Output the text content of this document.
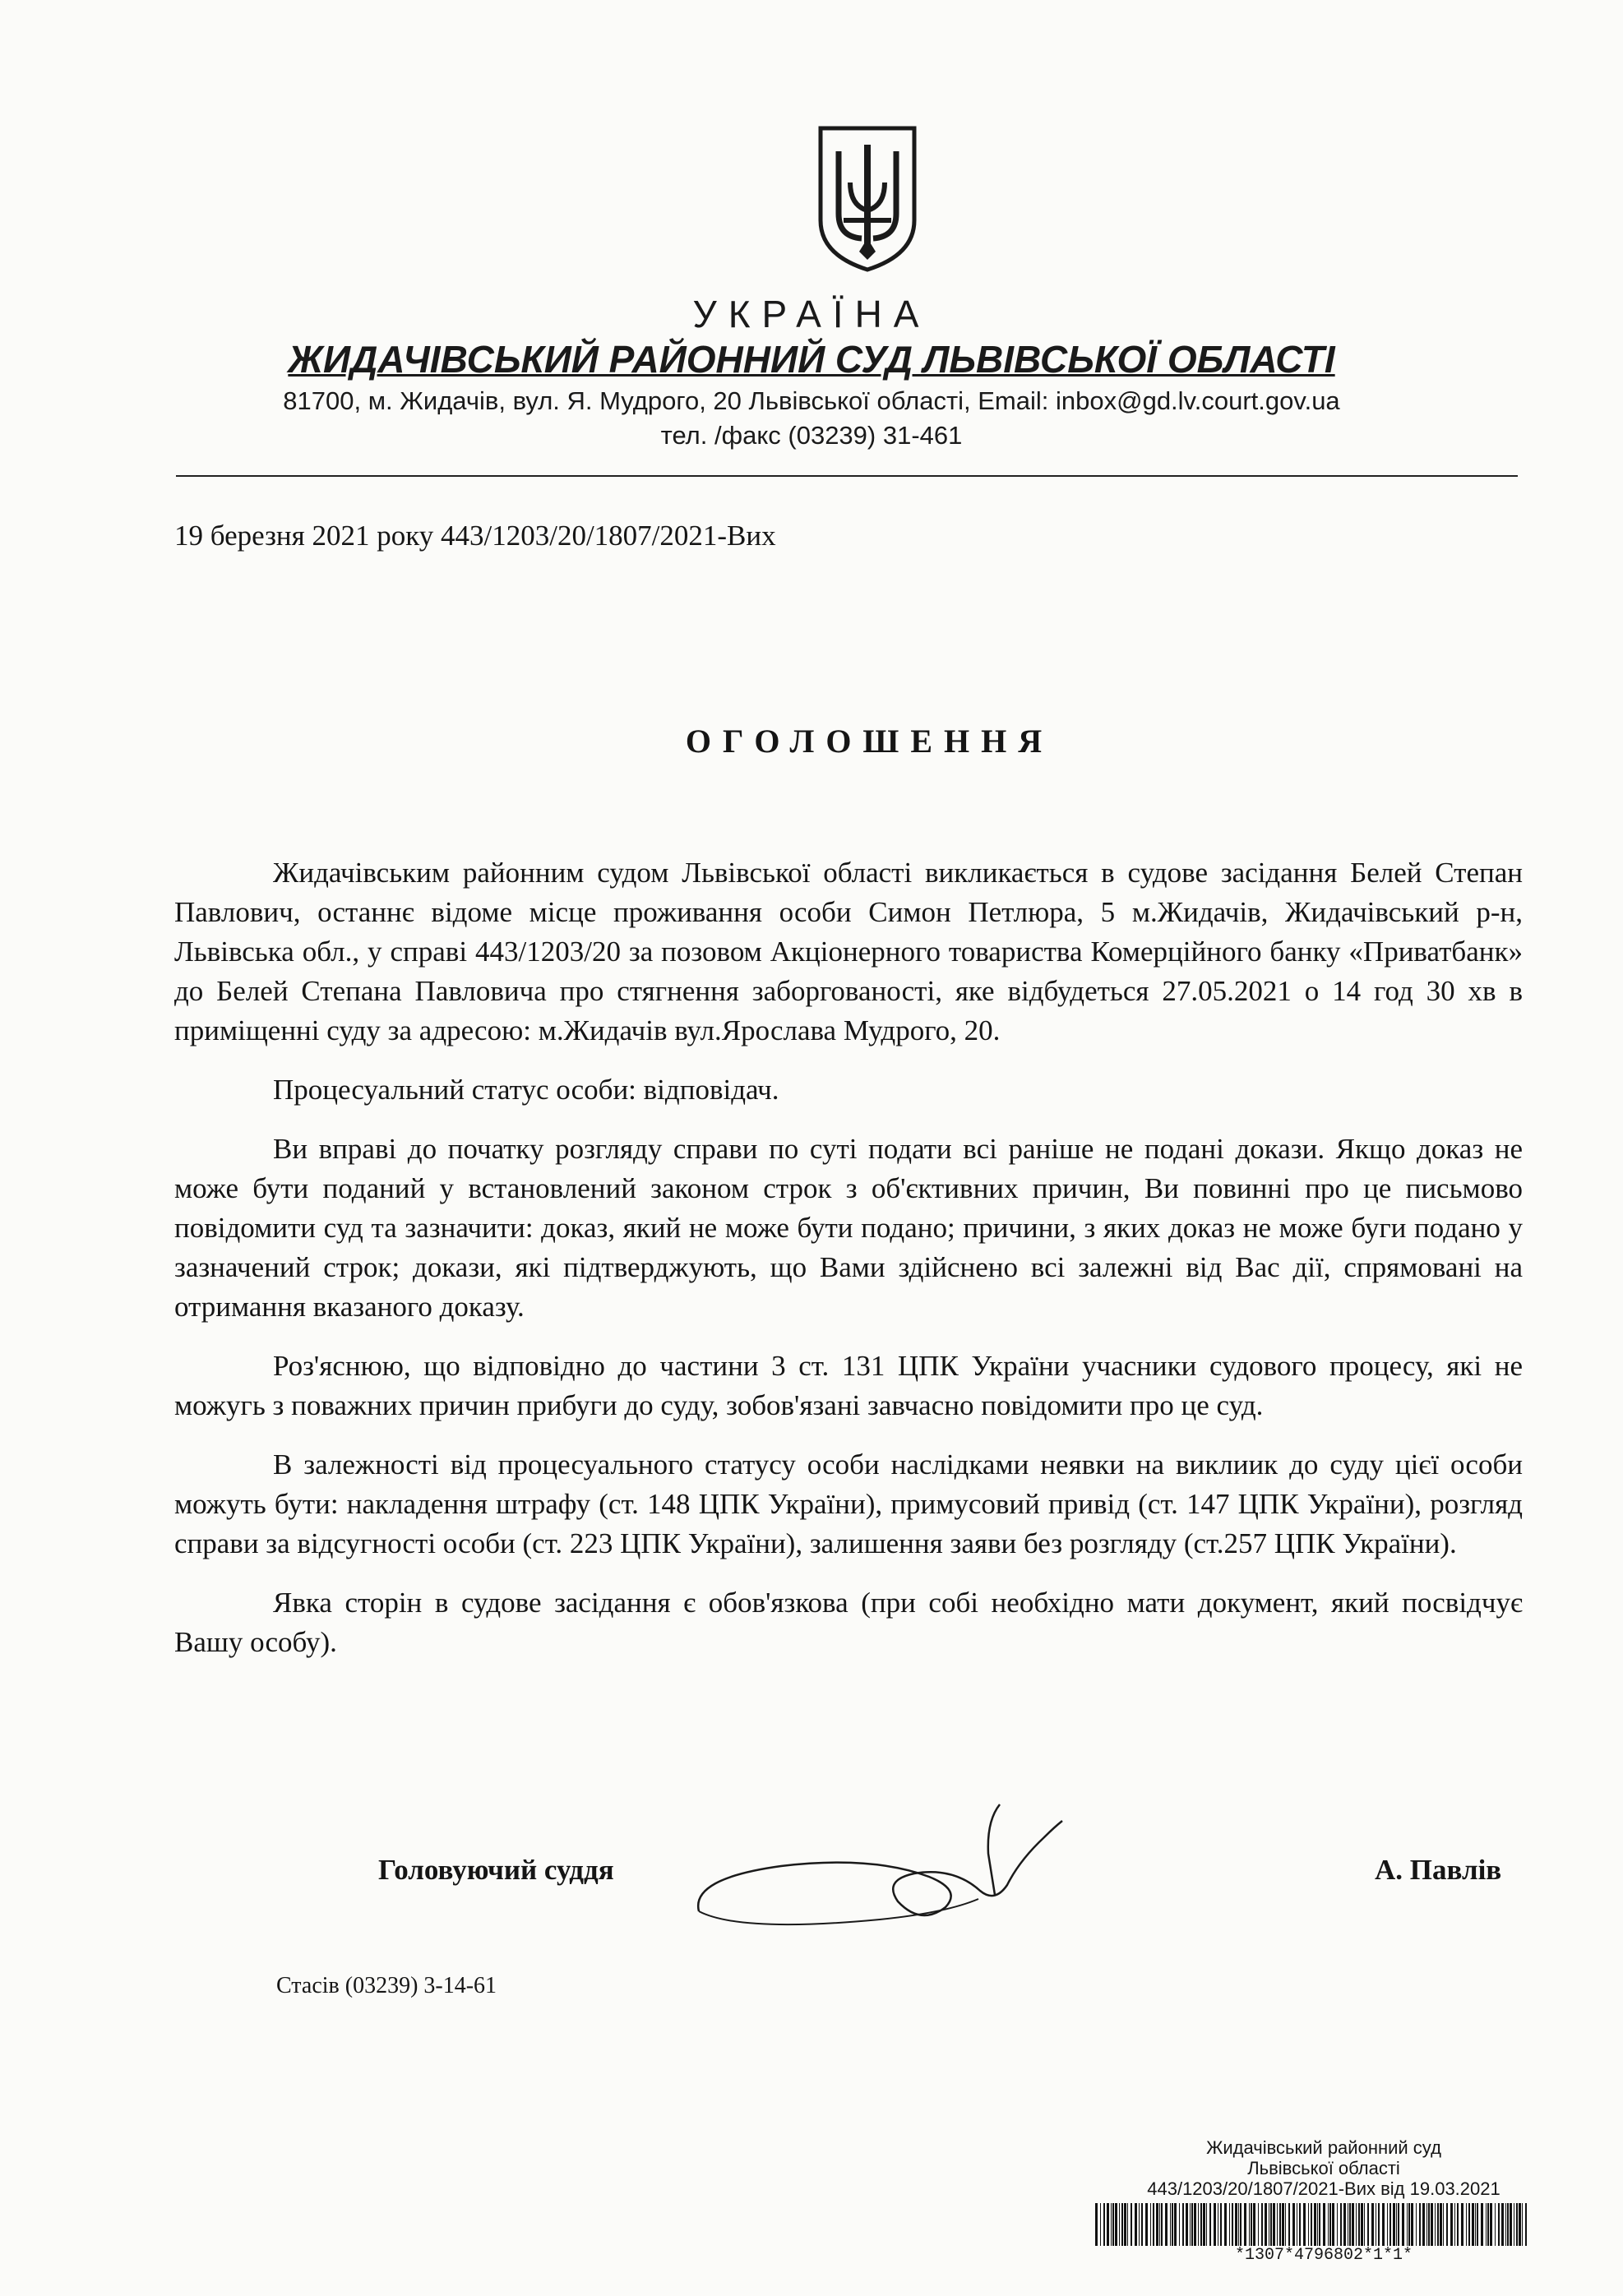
УКРАЇНА
ЖИДАЧІВСЬКИЙ РАЙОННИЙ СУД ЛЬВІВСЬКОЇ ОБЛАСТІ
81700, м. Жидачів, вул. Я. Мудрого, 20 Львівської області, Email: inbox@gd.lv.court.gov.ua
тел. /факс (03239) 31-461
19 березня 2021 року 443/1203/20/1807/2021-Вих
ОГОЛОШЕННЯ

Жидачівським районним судом Львівської області викликається в судове засідання Белей Степан Павлович, останнє відоме місце проживання особи Симон Петлюра, 5 м.Жидачів, Жидачівський р-н, Львівська обл., у справі 443/1203/20 за позовом Акціонерного товариства Комерційного банку «Приватбанк» до Белей Степана Павловича про стягнення заборгованості, яке відбудеться 27.05.2021 о 14 год 30 хв в приміщенні суду за адресою: м.Жидачів вул.Ярослава Мудрого, 20.

Процесуальний статус особи: відповідач.

Ви вправі до початку розгляду справи по суті подати всі раніше не подані докази. Якщо доказ не може бути поданий у встановлений законом строк з об'єктивних причин, Ви повинні про це письмово повідомити суд та зазначити: доказ, який не може бути подано; причини, з яких доказ не може буги подано у зазначений строк; докази, які підтверджують, що Вами здійснено всі залежні від Вас дії, спрямовані на отримання вказаного доказу.

Роз'яснюю, що відповідно до частини 3 ст. 131 ЦПК України учасники судового процесу, які не можугь з поважних причин прибуги до суду, зобов'язані завчасно повідомити про це суд.

В залежності від процесуального статусу особи наслідками неявки на виклиик до суду цієї особи можуть бути: накладення штрафу (ст. 148 ЦПК України), примусовий привід (ст. 147 ЦПК України), розгляд справи за відсугності особи (ст. 223 ЦПК України), залишення заяви без розгляду (ст.257 ЦПК України).

Явка сторін в судове засідання є обов'язкова (при собі необхідно мати документ, який посвідчує Вашу особу).

Головуючий суддя	А. Павлів
Стасів (03239) 3-14-61
Жидачівський районний суд
Львівської області
443/1203/20/1807/2021-Вих від 19.03.2021
*1307*4796802*1*1*
